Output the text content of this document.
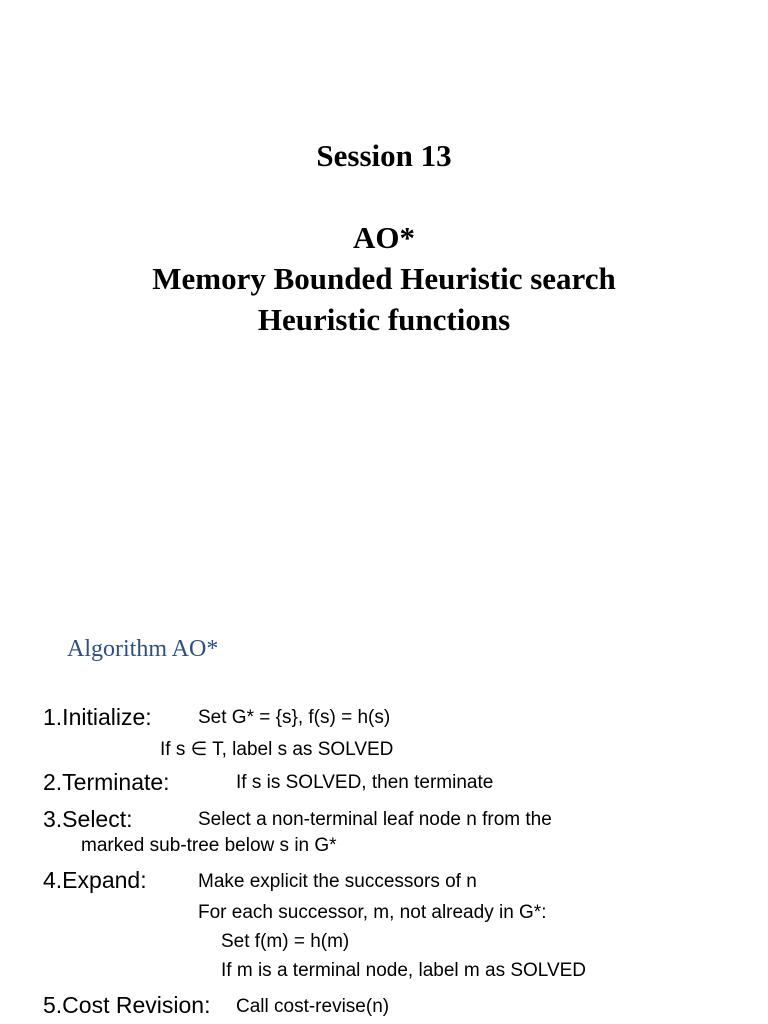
Session 13
AO*
Memory Bounded Heuristic search
Heuristic functions
Algorithm AO*
1.Initialize: Set G* = {s}, f(s) = h(s)
If s ∈ T, label s as SOLVED
2.Terminate:	If s is SOLVED, then terminate
3.Select:	Select a non-terminal leaf node n from the
marked sub-tree below s in G*
4.Expand:	Make explicit the successors of n
For each successor, m, not already in G*:
Set f(m) = h(m)
If m is a terminal node, label m as SOLVED
5.Cost Revision: Call cost-revise(n)
